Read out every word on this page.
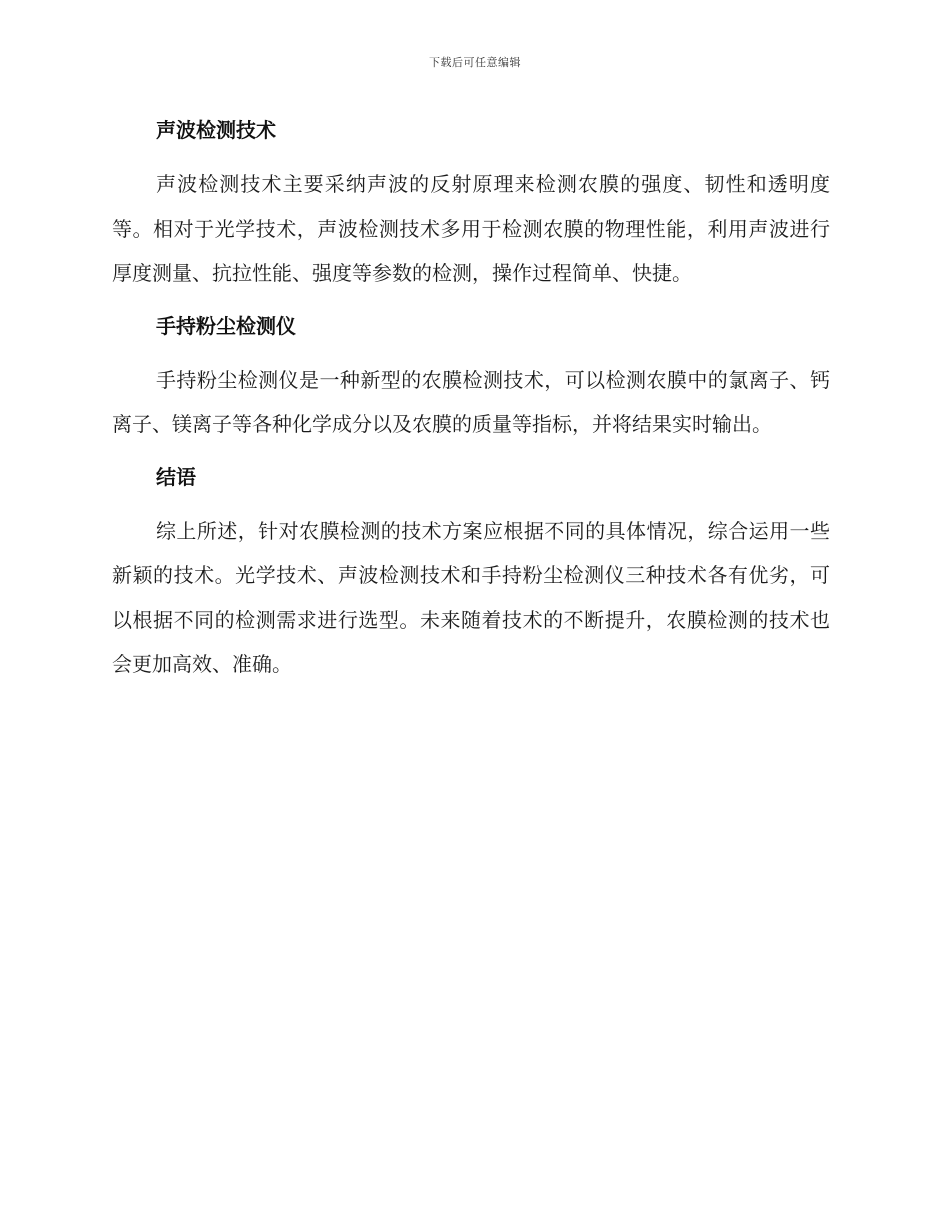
下载后可任意编辑
声波检测技术

声波检测技术主要采纳声波的反射原理来检测农膜的强度、韧性和透明度等。相对于光学技术，声波检测技术多用于检测农膜的物理性能，利用声波进行厚度测量、抗拉性能、强度等参数的检测，操作过程简单、快捷。

手持粉尘检测仪

手持粉尘检测仪是一种新型的农膜检测技术，可以检测农膜中的氯离子、钙离子、镁离子等各种化学成分以及农膜的质量等指标，并将结果实时输出。

结语

综上所述，针对农膜检测的技术方案应根据不同的具体情况，综合运用一些新颖的技术。光学技术、声波检测技术和手持粉尘检测仪三种技术各有优劣，可以根据不同的检测需求进行选型。未来随着技术的不断提升，农膜检测的技术也会更加高效、准确。
